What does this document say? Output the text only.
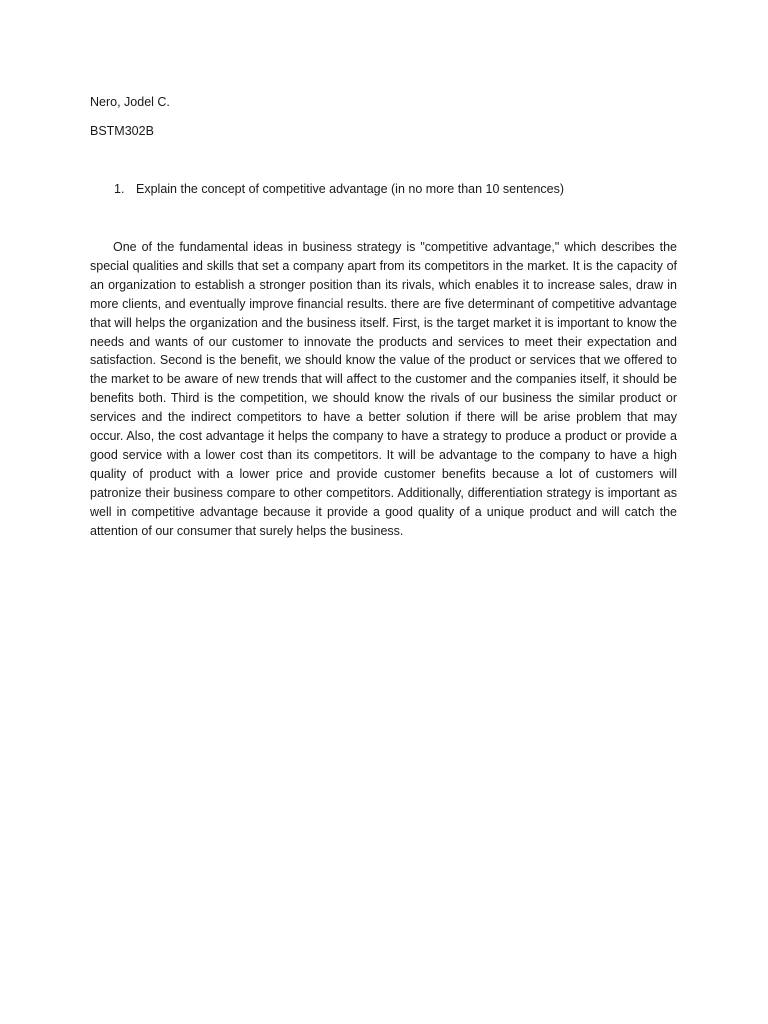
Nero, Jodel C.
BSTM302B
1. Explain the concept of competitive advantage (in no more than 10 sentences)

One of the fundamental ideas in business strategy is "competitive advantage," which describes the special qualities and skills that set a company apart from its competitors in the market. It is the capacity of an organization to establish a stronger position than its rivals, which enables it to increase sales, draw in more clients, and eventually improve financial results. there are five determinant of competitive advantage that will helps the organization and the business itself. First, is the target market it is important to know the needs and wants of our customer to innovate the products and services to meet their expectation and satisfaction. Second is the benefit, we should know the value of the product or services that we offered to the market to be aware of new trends that will affect to the customer and the companies itself, it should be benefits both. Third is the competition, we should know the rivals of our business the similar product or services and the indirect competitors to have a better solution if there will be arise problem that may occur. Also, the cost advantage it helps the company to have a strategy to produce a product or provide a good service with a lower cost than its competitors. It will be advantage to the company to have a high quality of product with a lower price and provide customer benefits because a lot of customers will patronize their business compare to other competitors. Additionally, differentiation strategy is important as well in competitive advantage because it provide a good quality of a unique product and will catch the attention of our consumer that surely helps the business.
